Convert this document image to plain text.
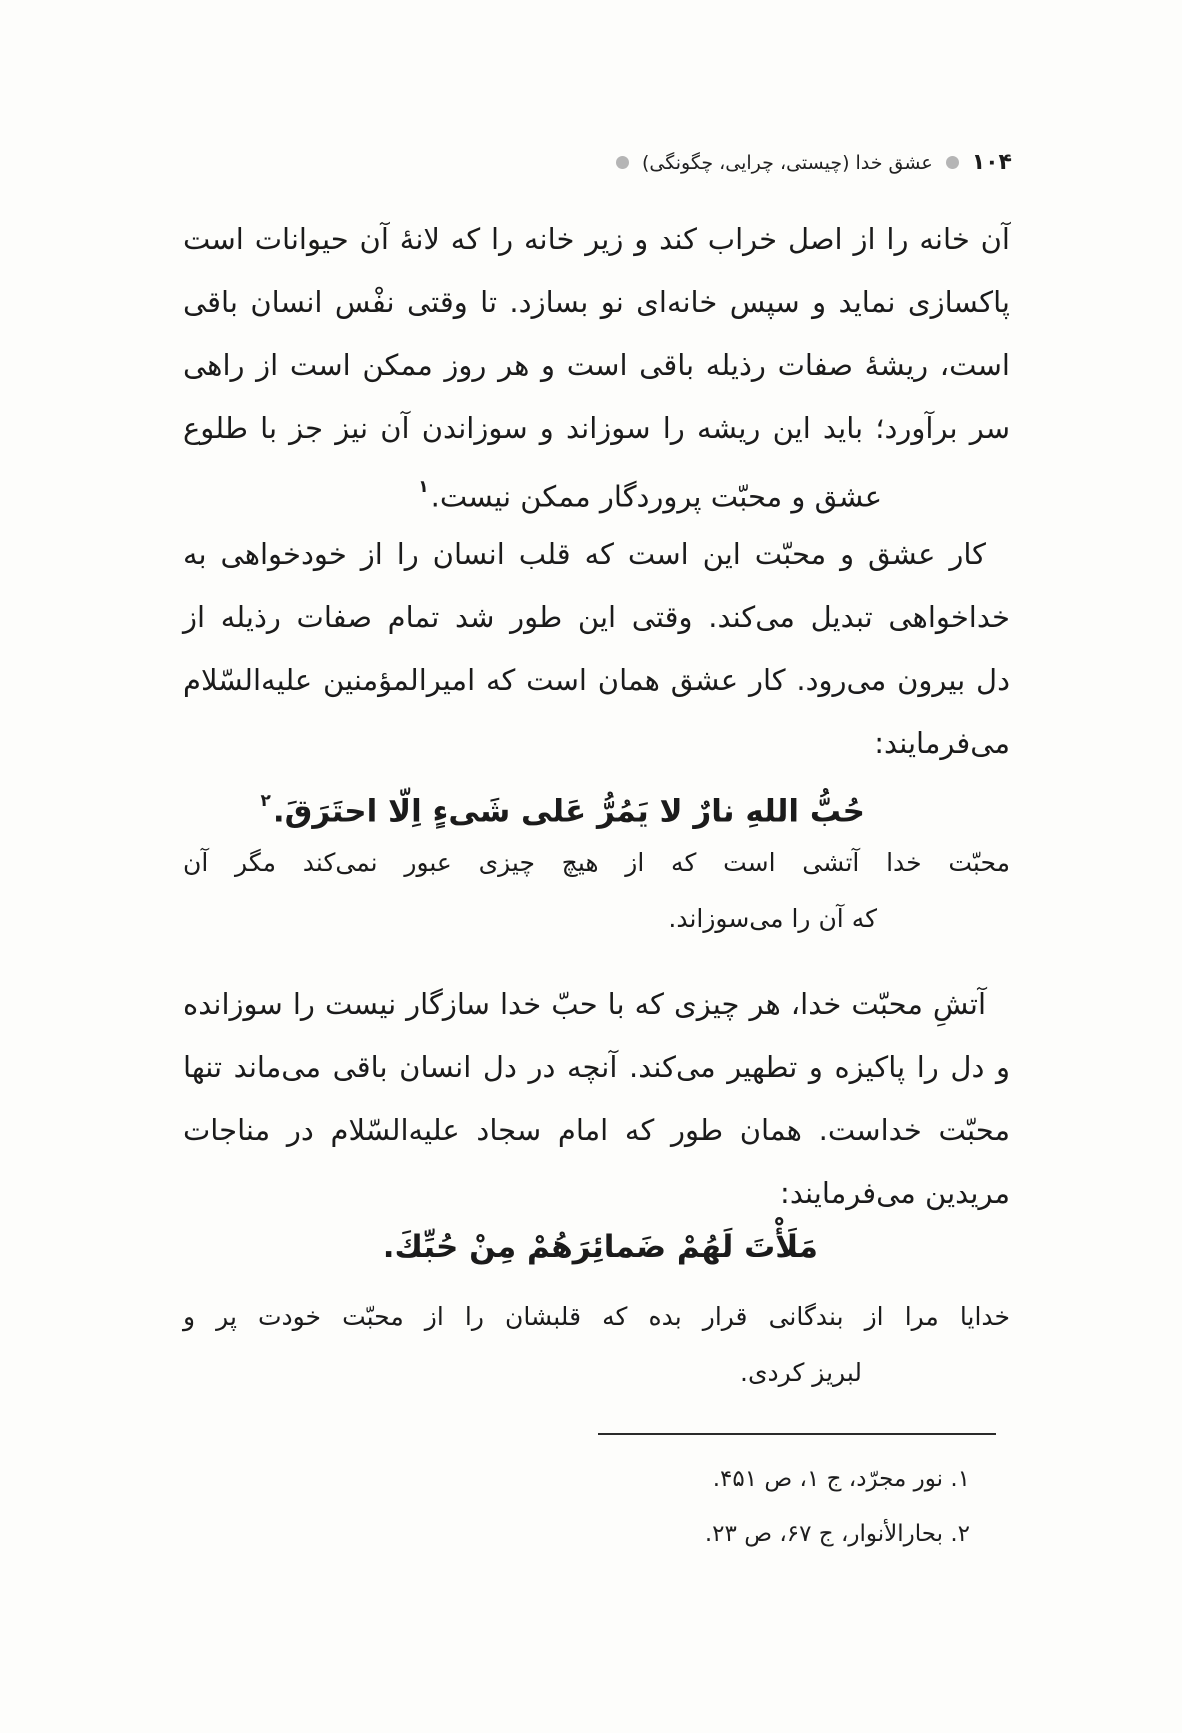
۱۰۴
عشق خدا (چیستی، چرایی، چگونگی)
آن خانه را از اصل خراب کند و زیر خانه را که لانهٔ آن حیوانات است
پاکسازی نماید و سپس خانه‌ای نو بسازد. تا وقتی نفْس انسان باقی
است، ریشهٔ صفات رذیله باقی است و هر روز ممکن است از راهی
سر برآورد؛ باید این ریشه را سوزاند و سوزاندن آن نیز جز با طلوع
عشق و محبّت پروردگار ممکن نیست.$^۱$
کار عشق و محبّت این است که قلب انسان را از خودخواهی به
خداخواهی تبدیل می‌کند. وقتی این طور شد تمام صفات رذیله از
دل بیرون می‌رود. کار عشق همان است که امیرالمؤمنین علیه‌السّلام
می‌فرمایند:
حُبُّ اللهِ نارٌ لا یَمُرُّ عَلی شَیءٍ اِلّا احتَرَقَ.$^۲$
محبّت خدا آتشی است که از هیچ چیزی عبور نمی‌کند مگر آن
که آن را می‌سوزاند.
آتشِ محبّت خدا، هر چیزی که با حبّ خدا سازگار نیست را سوزانده
و دل را پاکیزه و تطهیر می‌کند. آنچه در دل انسان باقی می‌ماند تنها
محبّت خداست. همان طور که امام سجاد علیه‌السّلام در مناجات
مریدین می‌فرمایند:
مَلَأْتَ لَهُمْ ضَمائِرَهُمْ مِنْ حُبِّكَ.
خدایا مرا از بندگانی قرار بده که قلبشان را از محبّت خودت پر و
لبریز کردی.
۱. نور مجرّد، ج ۱، ص ۴۵۱.
۲. بحارالأنوار، ج ۶۷، ص ۲۳.
